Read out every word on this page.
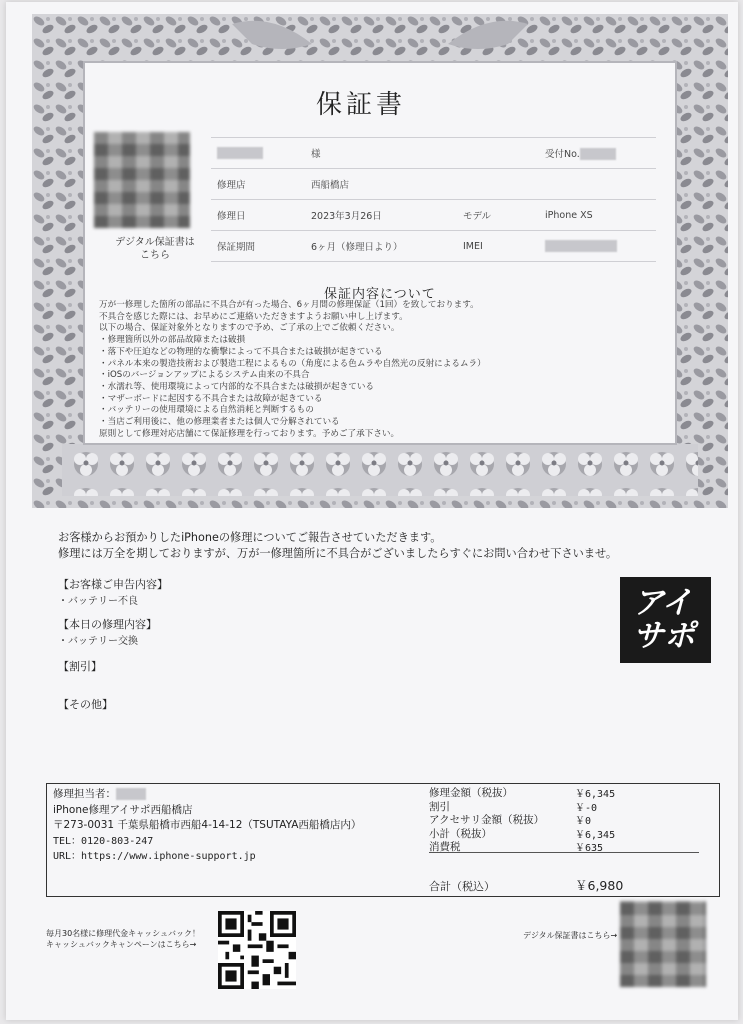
保証書
デジタル保証書は
こちら
	様		受付No.
修理店	西船橋店		
修理日	2023年3月26日	モデル	iPhone XS
保証期間	6ヶ月（修理日より）	IMEI	
保証内容について
万が一修理した箇所の部品に不具合が有った場合、6ヶ月間の修理保証（1回）を致しております。
不具合を感じた際には、お早めにご連絡いただきますようお願い申し上げます。
以下の場合、保証対象外となりますので予め、ご了承の上でご依頼ください。
・修理箇所以外の部品故障または破損
・落下や圧迫などの物理的な衝撃によって不具合または破損が起きている
・パネル本来の製造技術および製造工程によるもの（角度による色ムラや自然光の反射によるムラ）
・iOSのバージョンアップによるシステム由来の不具合
・水濡れ等、使用環境によって内部的な不具合または破損が起きている
・マザーボードに起因する不具合または故障が起きている
・バッテリーの使用環境による自然消耗と判断するもの
・当店ご利用後に、他の修理業者または個人で分解されている
原則として修理対応店舗にて保証修理を行っております。予めご了承下さい。
お客様からお預かりしたiPhoneの修理についてご報告させていただきます。
修理には万全を期しておりますが、万が一修理箇所に不具合がございましたらすぐにお問い合わせ下さいませ。
【お客様ご申告内容】
・バッテリー不良
【本日の修理内容】
・バッテリー交換
【割引】
【その他】
アイ
サポ
修理担当者：
iPhone修理アイサポ西船橋店
〒273-0031 千葉県船橋市西船4-14-12（TSUTAYA西船橋店内）
TEL：0120-803-247
URL：https://www.iphone-support.jp
修理金額（税抜）	￥6,345
割引	￥-0
アクセサリ金額（税抜）	￥0
小計（税抜）	￥6,345
消費税	￥635
合計（税込）	￥6,980
毎月30名様に修理代金キャッシュバック！
キャッシュバックキャンペーンはこちら→
デジタル保証書はこちら→
